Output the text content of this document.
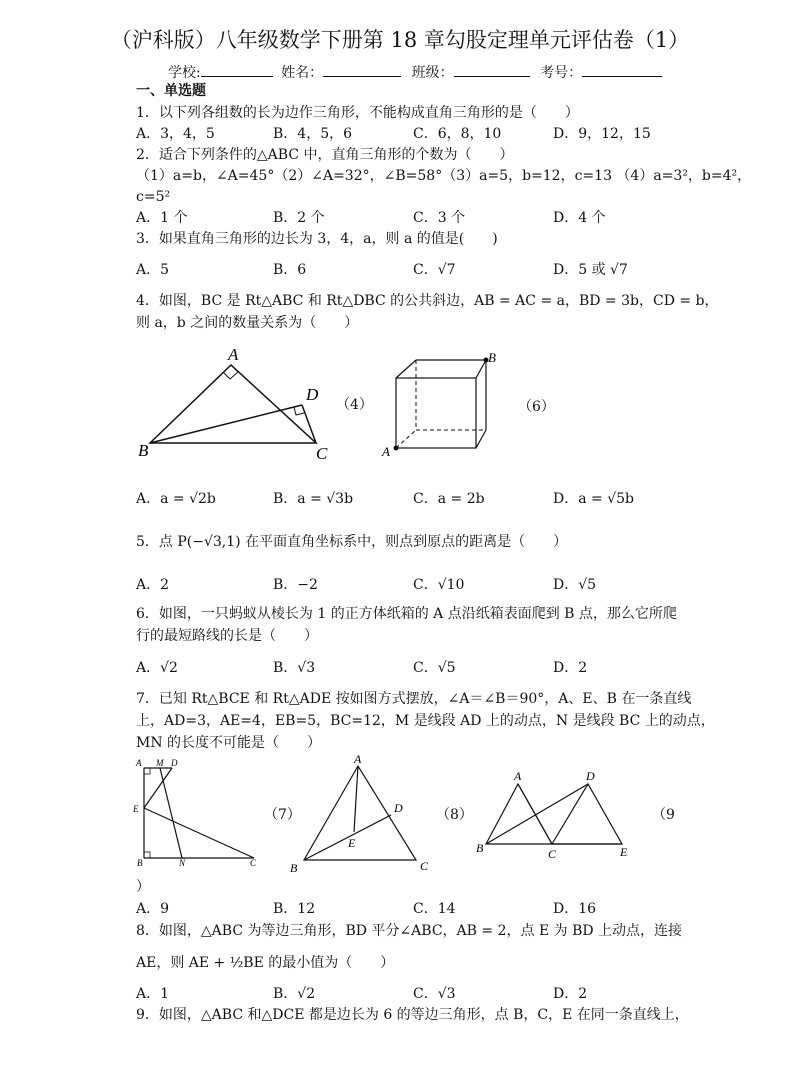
（沪科版）八年级数学下册第 18 章勾股定理单元评估卷（1）
学校:	姓名：	班级：	考号：
一、单选题
1．以下列各组数的长为边作三角形，不能构成直角三角形的是（　　）
A．3，4，5	B．4，5，6	C．6，8，10	D．9，12，15
2．适合下列条件的△ABC 中，直角三角形的个数为（　　）
（1）a=b，∠A=45°（2）∠A=32°，∠B=58°（3）a=5，b=12，c=13 （4）a=3²，b=4²，
c=5²
A．1 个	B．2 个	C．3 个	D．4 个
3．如果直角三角形的边长为 3，4，a，则 a 的值是(　　)
A．5	B．6	C．√7	D．5 或 √7
4．如图，BC 是 Rt△ABC 和 Rt△DBC 的公共斜边，AB = AC = a，BD = 3b，CD = b，
则 a，b 之间的数量关系为（　　）
A
D
B	C
（4）
A
B
（6）
A．a = √2b	B．a = √3b	C．a = 2b	D．a = √5b
5．点 P(−√3,1) 在平面直角坐标系中，则点到原点的距离是（　　）
A．2	B．−2	C．√10	D．√5
6．如图，一只蚂蚁从棱长为 1 的正方体纸箱的 A 点沿纸箱表面爬到 B 点，那么它所爬
行的最短路线的长是（　　）
A．√2	B．√3	C．√5	D．2
7．已知 Rt△BCE 和 Rt△ADE 按如图方式摆放，∠A＝∠B＝90°，A、E、B 在一条直线
上，AD=3，AE=4，EB=5，BC=12，M 是线段 AD 上的动点，N 是线段 BC 上的动点，
MN 的长度不可能是（　　）
A M D
E
B	N	C
（7）
A
D
E
B	C
（8）
A	D
B	C	E
（9
）
A．9	B．12	C．14	D．16
8．如图，△ABC 为等边三角形，BD 平分∠ABC，AB = 2，点 E 为 BD 上动点，连接
AE，则 AE + ½BE 的最小值为（　　）
A．1	B．√2	C．√3	D．2
9．如图，△ABC 和△DCE 都是边长为 6 的等边三角形，点 B，C，E 在同一条直线上，
